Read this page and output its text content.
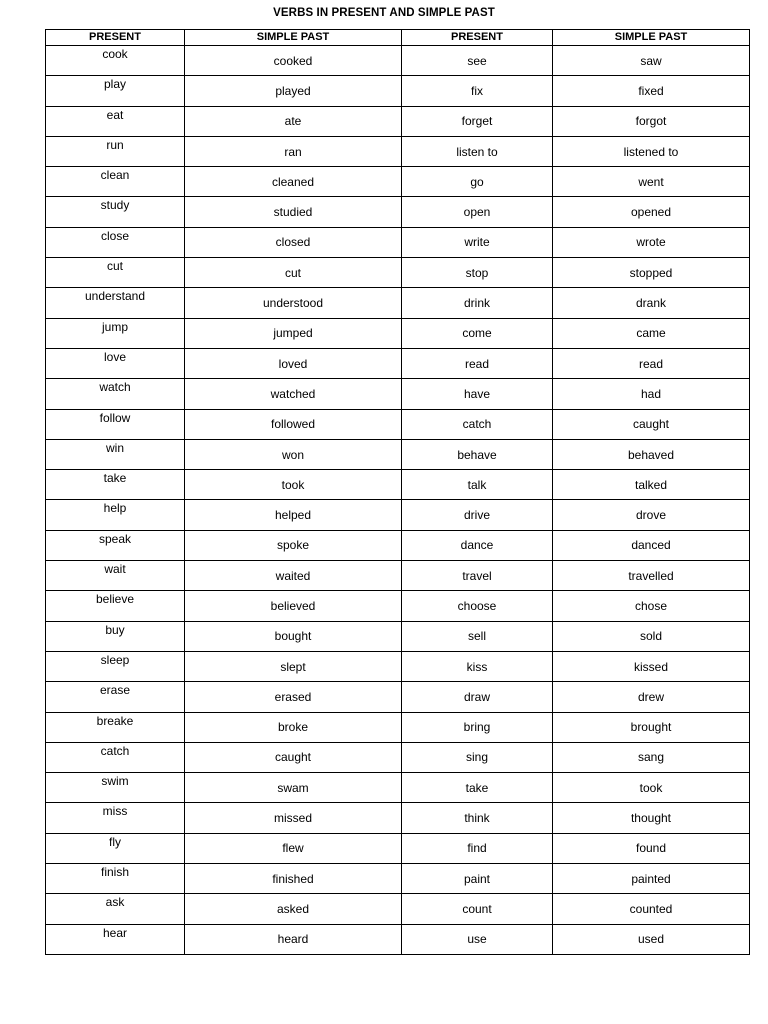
VERBS IN PRESENT AND SIMPLE PAST
PRESENT	SIMPLE PAST	PRESENT	SIMPLE PAST
cook	cooked	see	saw
play	played	fix	fixed
eat	ate	forget	forgot
run	ran	listen to	listened to
clean	cleaned	go	went
study	studied	open	opened
close	closed	write	wrote
cut	cut	stop	stopped
understand	understood	drink	drank
jump	jumped	come	came
love	loved	read	read
watch	watched	have	had
follow	followed	catch	caught
win	won	behave	behaved
take	took	talk	talked
help	helped	drive	drove
speak	spoke	dance	danced
wait	waited	travel	travelled
believe	believed	choose	chose
buy	bought	sell	sold
sleep	slept	kiss	kissed
erase	erased	draw	drew
breake	broke	bring	brought
catch	caught	sing	sang
swim	swam	take	took
miss	missed	think	thought
fly	flew	find	found
finish	finished	paint	painted
ask	asked	count	counted
hear	heard	use	used
